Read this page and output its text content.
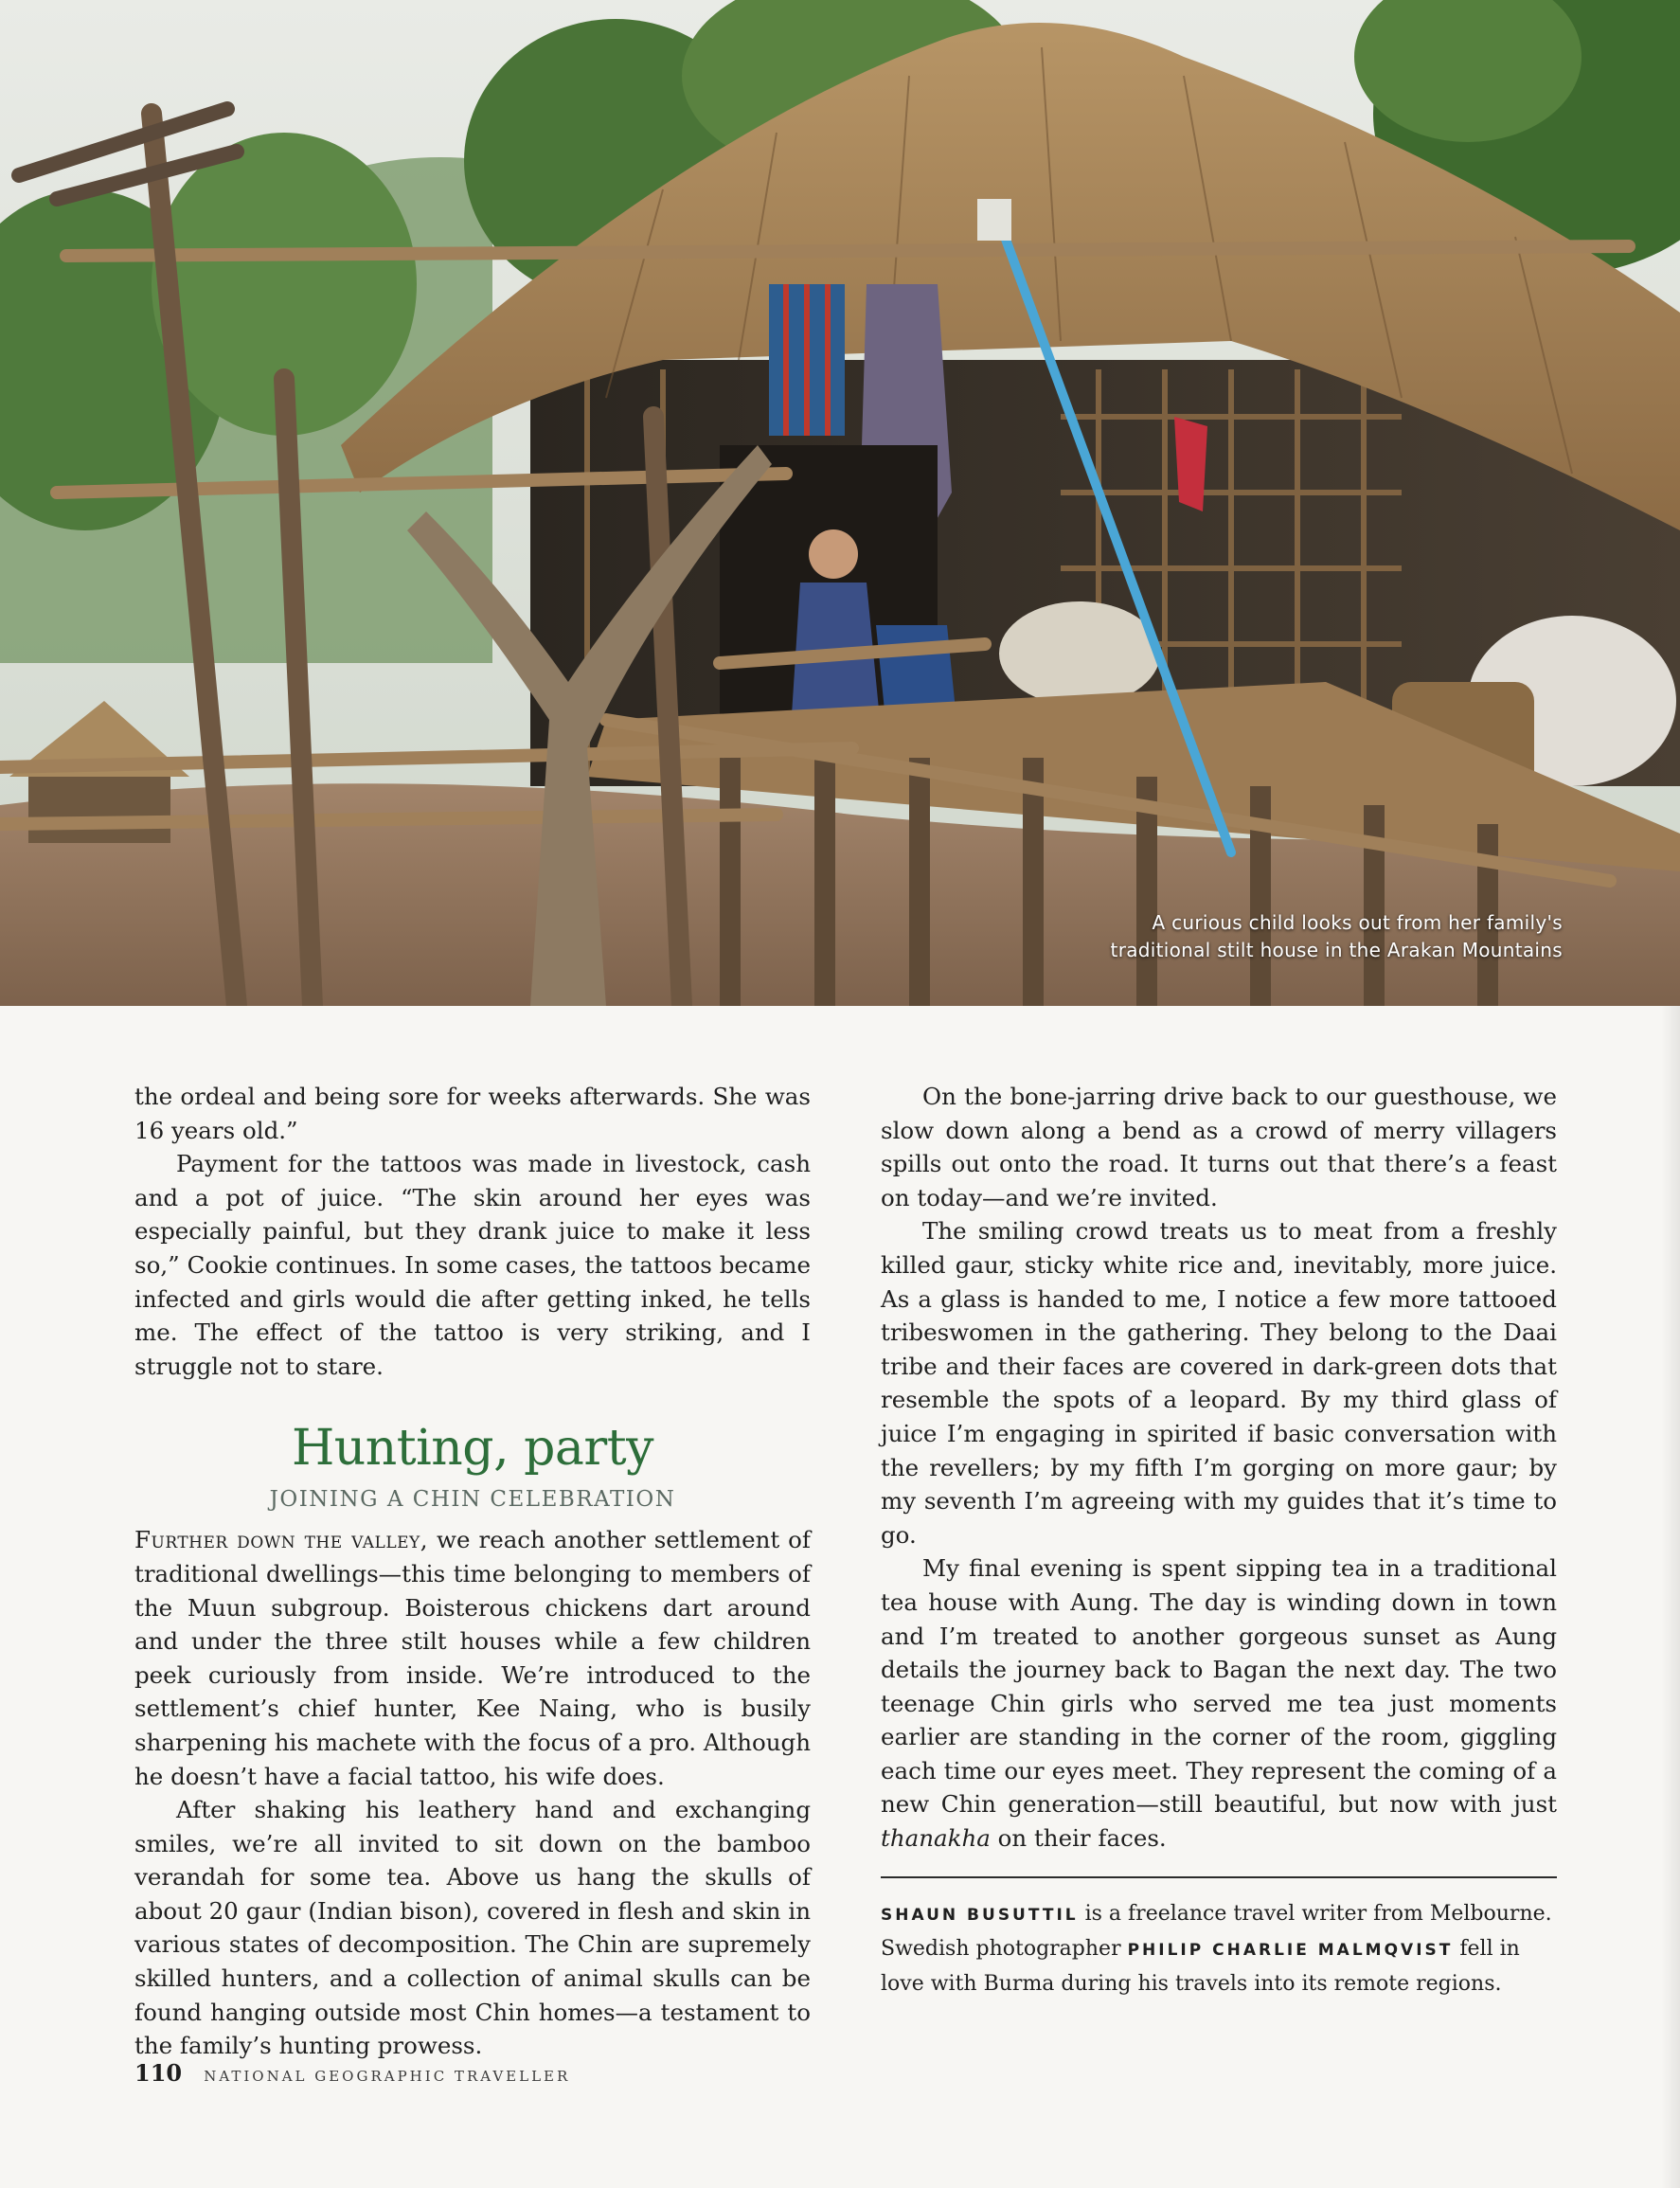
A curious child looks out from her family's
traditional stilt house in the Arakan Mountains

the ordeal and being sore for weeks afterwards. She was 16 years old.”

Payment for the tattoos was made in livestock, cash and a pot of juice. “The skin around her eyes was especially painful, but they drank juice to make it less so,” Cookie continues. In some cases, the tattoos became infected and girls would die after getting inked, he tells me. The effect of the tattoo is very striking, and I struggle not to stare.

Hunting, party
JOINING A CHIN CELEBRATION

Further down the valley, we reach another settlement of traditional dwellings—this time belonging to members of the Muun subgroup. Boisterous chickens dart around and under the three stilt houses while a few children peek curiously from inside. We’re introduced to the settlement’s chief hunter, Kee Naing, who is busily sharpening his machete with the focus of a pro. Although he doesn’t have a facial tattoo, his wife does.

After shaking his leathery hand and exchanging smiles, we’re all invited to sit down on the bamboo verandah for some tea. Above us hang the skulls of about 20 gaur (Indian bison), covered in flesh and skin in various states of decomposition. The Chin are supremely skilled hunters, and a collection of animal skulls can be found hanging outside most Chin homes—a testament to the family’s hunting prowess.

On the bone-jarring drive back to our guesthouse, we slow down along a bend as a crowd of merry villagers spills out onto the road. It turns out that there’s a feast on today—and we’re invited.

The smiling crowd treats us to meat from a freshly killed gaur, sticky white rice and, inevitably, more juice. As a glass is handed to me, I notice a few more tattooed tribeswomen in the gathering. They belong to the Daai tribe and their faces are covered in dark-green dots that resemble the spots of a leopard. By my third glass of juice I’m engaging in spirited if basic conversation with the revellers; by my fifth I’m gorging on more gaur; by my seventh I’m agreeing with my guides that it’s time to go.

My final evening is spent sipping tea in a traditional tea house with Aung. The day is winding down in town and I’m treated to another gorgeous sunset as Aung details the journey back to Bagan the next day. The two teenage Chin girls who served me tea just moments earlier are standing in the corner of the room, giggling each time our eyes meet. They represent the coming of a new Chin generation—still beautiful, but now with just thanakha on their faces.

SHAUN BUSUTTIL is a freelance travel writer from Melbourne. Swedish photographer PHILIP CHARLIE MALMQVIST fell in love with Burma during his travels into its remote regions.

110 NATIONAL GEOGRAPHIC TRAVELLER
